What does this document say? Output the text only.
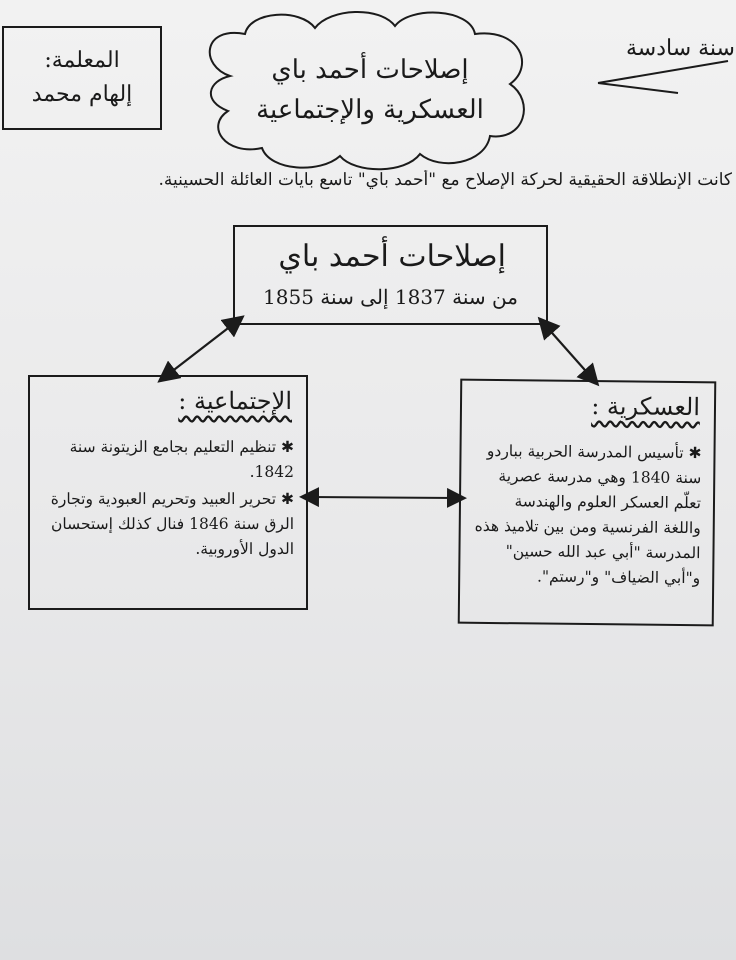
المعلمة:
إلهام محمد
إصلاحات أحمد باي
العسكرية والإجتماعية
سنة سادسة
كانت الإنطلاقة الحقيقية لحركة الإصلاح مع "أحمد باي" تاسع بايات العائلة الحسينية.
إصلاحات أحمد باي
من سنة 1837 إلى سنة 1855
الإجتماعية :

✱ تنظيم التعليم بجامع الزيتونة سنة 1842.

✱ تحرير العبيد وتحريم العبودية وتجارة الرق سنة 1846 فنال كذلك إستحسان الدول الأوروبية.

العسكرية :

✱ تأسيس المدرسة الحربية بباردو سنة 1840 وهي مدرسة عصرية تعلّم العسكر العلوم والهندسة واللغة الفرنسية ومن بين تلاميذ هذه المدرسة "أبي عبد الله حسين" و"أبي الضياف" و"رستم".
